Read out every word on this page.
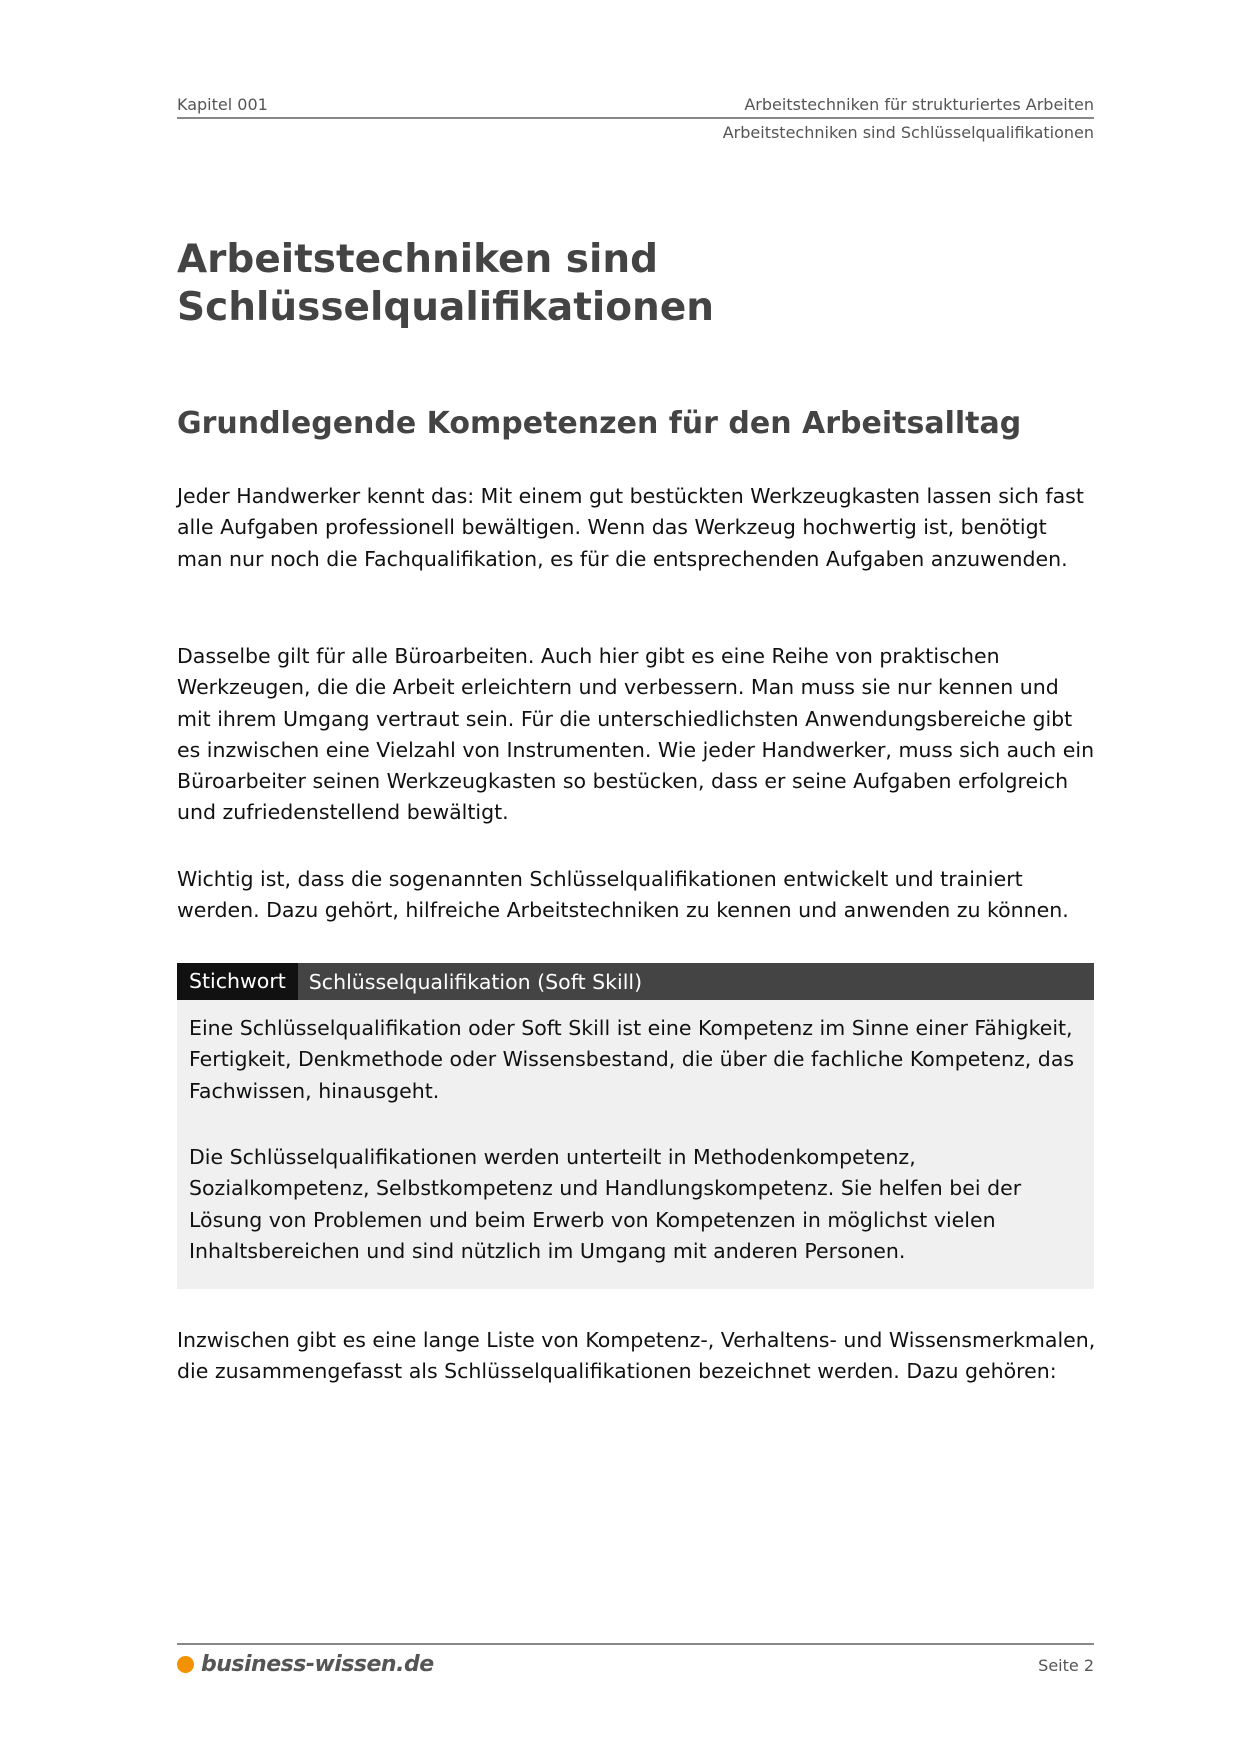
Kapitel 001	Arbeitstechniken für strukturiertes Arbeiten
Arbeitstechniken sind Schlüsselqualifikationen
Arbeitstechniken sind
Schlüsselqualifikationen
Grundlegende Kompetenzen für den Arbeitsalltag

Jeder Handwerker kennt das: Mit einem gut bestückten Werkzeugkasten lassen sich fast alle Aufgaben professionell bewältigen. Wenn das Werkzeug hochwertig ist, benötigt man nur noch die Fachqualifikation, es für die entsprechenden Aufgaben anzuwenden.

Dasselbe gilt für alle Büroarbeiten. Auch hier gibt es eine Reihe von praktischen Werkzeugen, die die Arbeit erleichtern und verbessern. Man muss sie nur kennen und mit ihrem Umgang vertraut sein. Für die unterschiedlichsten Anwendungsbereiche gibt es inzwischen eine Vielzahl von Instrumenten. Wie jeder Handwerker, muss sich auch ein Büroarbeiter seinen Werkzeugkasten so bestücken, dass er seine Aufgaben erfolgreich und zufriedenstellend bewältigt.

Wichtig ist, dass die sogenannten Schlüsselqualifikationen entwickelt und trainiert werden. Dazu gehört, hilfreiche Arbeitstechniken zu kennen und anwenden zu können.

Stichwort	Schlüsselqualifikation (Soft Skill)

Eine Schlüsselqualifikation oder Soft Skill ist eine Kompetenz im Sinne einer Fähigkeit, Fertigkeit, Denkmethode oder Wissensbestand, die über die fachliche Kompetenz, das Fachwissen, hinausgeht.

Die Schlüsselqualifikationen werden unterteilt in Methodenkompetenz, Sozialkompetenz, Selbstkompetenz und Handlungskompetenz. Sie helfen bei der Lösung von Problemen und beim Erwerb von Kompetenzen in möglichst vielen Inhaltsbereichen und sind nützlich im Umgang mit anderen Personen.

Inzwischen gibt es eine lange Liste von Kompetenz-, Verhaltens- und Wissensmerkmalen, die zusammengefasst als Schlüsselqualifikationen bezeichnet werden. Dazu gehören:

business-wissen.de	Seite 2
